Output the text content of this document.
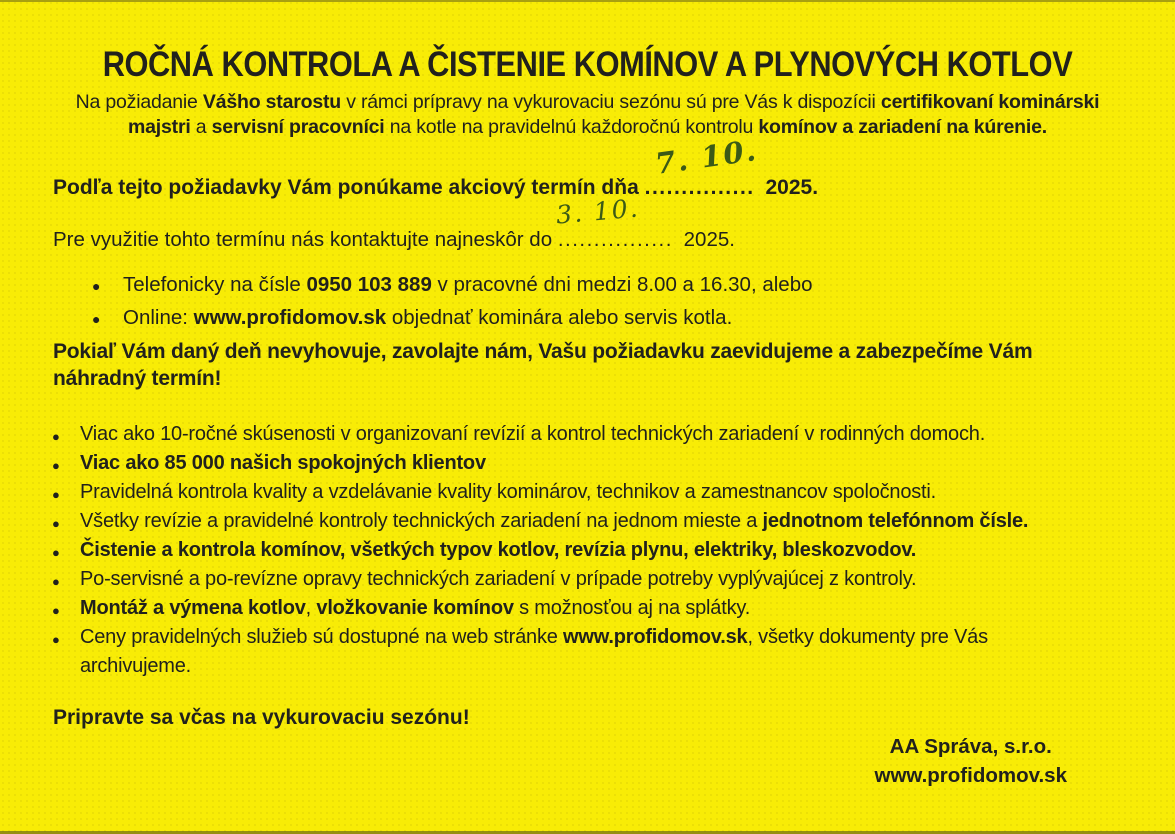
ROČNÁ KONTROLA A ČISTENIE KOMÍNOV A PLYNOVÝCH KOTLOV

Na požiadanie Vášho starostu v rámci prípravy na vykurovaciu sezónu sú pre Vás k dispozícii certifikovaní kominárski
majstri a servisní pracovníci na kotle na pravidelnú každoročnú kontrolu komínov a zariadení na kúrenie.

Podľa tejto požiadavky Vám ponúkame akciový termín dňa ...............
7. 10.
2025.

Pre využitie tohto termínu nás kontaktujte najneskôr do ................
3. 10.
2025.

● Telefonicky na čísle 0950 103 889 v pracovné dni medzi 8.00 a 16.30, alebo
● Online: www.profidomov.sk objednať kominára alebo servis kotla.

Pokiaľ Vám daný deň nevyhovuje, zavolajte nám, Vašu požiadavku zaevidujeme a zabezpečíme Vám
náhradný termín!

● Viac ako 10-ročné skúsenosti v organizovaní revízií a kontrol technických zariadení v rodinných domoch.
● Viac ako 85 000 našich spokojných klientov
● Pravidelná kontrola kvality a vzdelávanie kvality kominárov, technikov a zamestnancov spoločnosti.
● Všetky revízie a pravidelné kontroly technických zariadení na jednom mieste a jednotnom telefónnom čísle.
● Čistenie a kontrola komínov, všetkých typov kotlov, revízia plynu, elektriky, bleskozvodov.
● Po-servisné a po-revízne opravy technických zariadení v prípade potreby vyplývajúcej z kontroly.
● Montáž a výmena kotlov, vložkovanie komínov s možnosťou aj na splátky.
● Ceny pravidelných služieb sú dostupné na web stránke www.profidomov.sk, všetky dokumenty pre Vás
archivujeme.

Pripravte sa včas na vykurovaciu sezónu!

AA Správa, s.r.o.
www.profidomov.sk
